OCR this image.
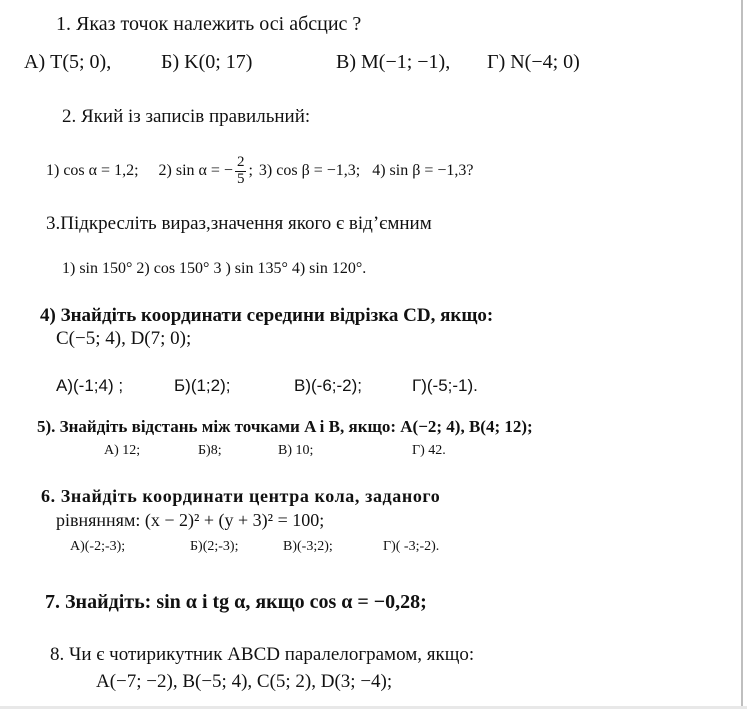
1. Яказ точок належить осі абсцис ?
А) T(5; 0), Б) K(0; 17)	В) M(−1; −1), Г) N(−4; 0)
2. Який із записів правильний:
1) cos α = 1,2; 2) sin α = − $\frac{2}{5}$ ; 3) cos β = −1,3; 4) sin β = −1,3?
3.Підкресліть вираз,значення якого є від’ємним
1) sin 150° 2) cos 150° 3 ) sin 135° 4) sin 120°.
4) Знайдіть координати середини відрізка CD, якщо:
C(−5; 4), D(7; 0);
А)(-1;4) ;	Б)(1;2);	В)(-6;-2);	Г)(-5;-1).
5). Знайдіть відстань між точками A і B, якщо: A(−2; 4), B(4; 12);
А) 12;	Б)8;	В) 10;	Г) 42.
6. Знайдіть координати центра кола, заданого
рівнянням: (x − 2)² + (y + 3)² = 100;
А)(-2;-3);	Б)(2;-3);	В)(-3;2);	Г)( -3;-2).
7. Знайдіть: sin α і tg α, якщо cos α = −0,28;
8. Чи є чотирикутник ABCD паралелограмом, якщо:
A(−7; −2), B(−5; 4), C(5; 2), D(3; −4);
